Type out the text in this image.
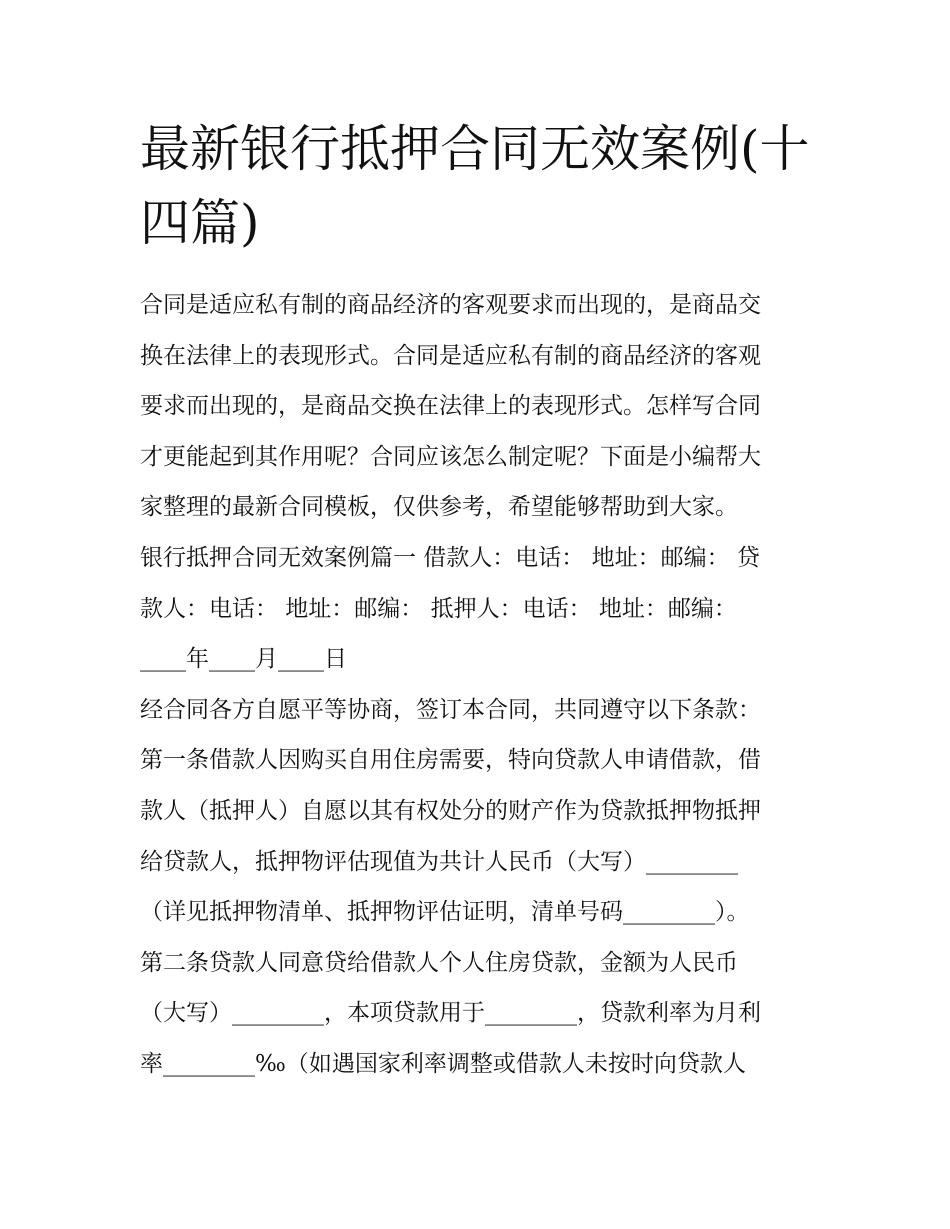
最新银行抵押合同无效案例(十
四篇)
合同是适应私有制的商品经济的客观要求而出现的，是商品交
换在法律上的表现形式。合同是适应私有制的商品经济的客观
要求而出现的，是商品交换在法律上的表现形式。怎样写合同
才更能起到其作用呢？合同应该怎么制定呢？下面是小编帮大
家整理的最新合同模板，仅供参考，希望能够帮助到大家。
银行抵押合同无效案例篇一 借款人：电话： 地址：邮编： 贷
款人：电话： 地址：邮编： 抵押人：电话： 地址：邮编：
____年____月____日
经合同各方自愿平等协商，签订本合同，共同遵守以下条款：
第一条借款人因购买自用住房需要，特向贷款人申请借款，借
款人（抵押人）自愿以其有权处分的财产作为贷款抵押物抵押
给贷款人，抵押物评估现值为共计人民币（大写）________
（详见抵押物清单、抵押物评估证明，清单号码________）。
第二条贷款人同意贷给借款人个人住房贷款，金额为人民币
（大写）________，本项贷款用于________，贷款利率为月利
率________‰（如遇国家利率调整或借款人未按时向贷款人
